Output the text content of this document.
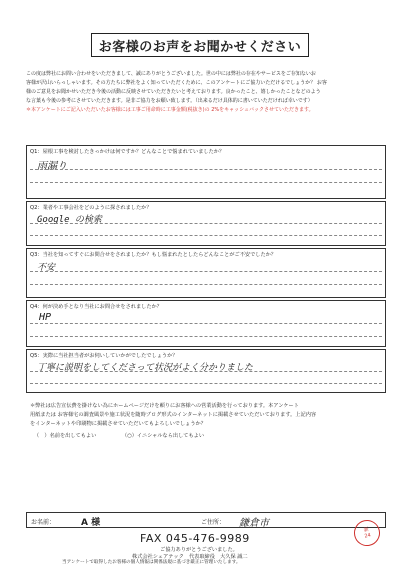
お客様のお声をお聞かせください
この度は弊社にお問い合わせをいただきまして、誠にありがとうございました。世の中には弊社の存在やサービスをご存知ないお
客様が沢山いらっしゃいます。その方たちに弊社をよく知っていただくために、このアンケートにご協力いただけるでしょうか？ お客
様のご意見をお聞かせいただき今後の活動に反映させていただきたいと考えております。良かったこと、嬉しかったことなどのよう
な言葉も今後の参考にさせていただきます。是非ご協力をお願い致します。（出来るだけ具体的に書いていただければ幸いです）
＊本アンケートにご記入いただいたお客様には工事ご用命時に工事金額(税抜き)の 2%をキャッシュバックさせていただきます。
Q1：屋根工事を検討したきっかけは何ですか？どんなことで悩まれていましたか？
雨漏り
Q2：業者や工事会社をどのように探されましたか？
Google の検索
Q3：当社を知ってすぐにお問合せをされましたか？もし悩まれたとしたらどんなことがご不安でしたか？
不安
Q4：何が決め手となり当社にお問合せをされましたか？
HP
Q5：実際に当社担当者がお伺いしていかがでしたでしょうか？
丁寧に説明をしてくださって状況がよく分かりました
＊弊社は広告宣伝費を掛けない為にホームページだけを頼りにお客様への営業活動を行っております。本アンケート
用紙または お客様宅の調査風景や施工状況を随時ブログ形式のインターネットに掲載させていただいております。上記内容
をインターネットや印刷物に掲載させていただいてもよろしいでしょうか？
（　）名前を出してもよい	（○）イニシャルなら出してもよい
お名前：	A 様	ご住所： 鎌倉市
FAX 045-476-9989
ご協力ありがとうございました。
株式会社シェアテック　代表取締役　大久保 誠二
当アンケートで取得したお客様の個人情報は関係法規に基づき厳正に管理いたします。
新
24
